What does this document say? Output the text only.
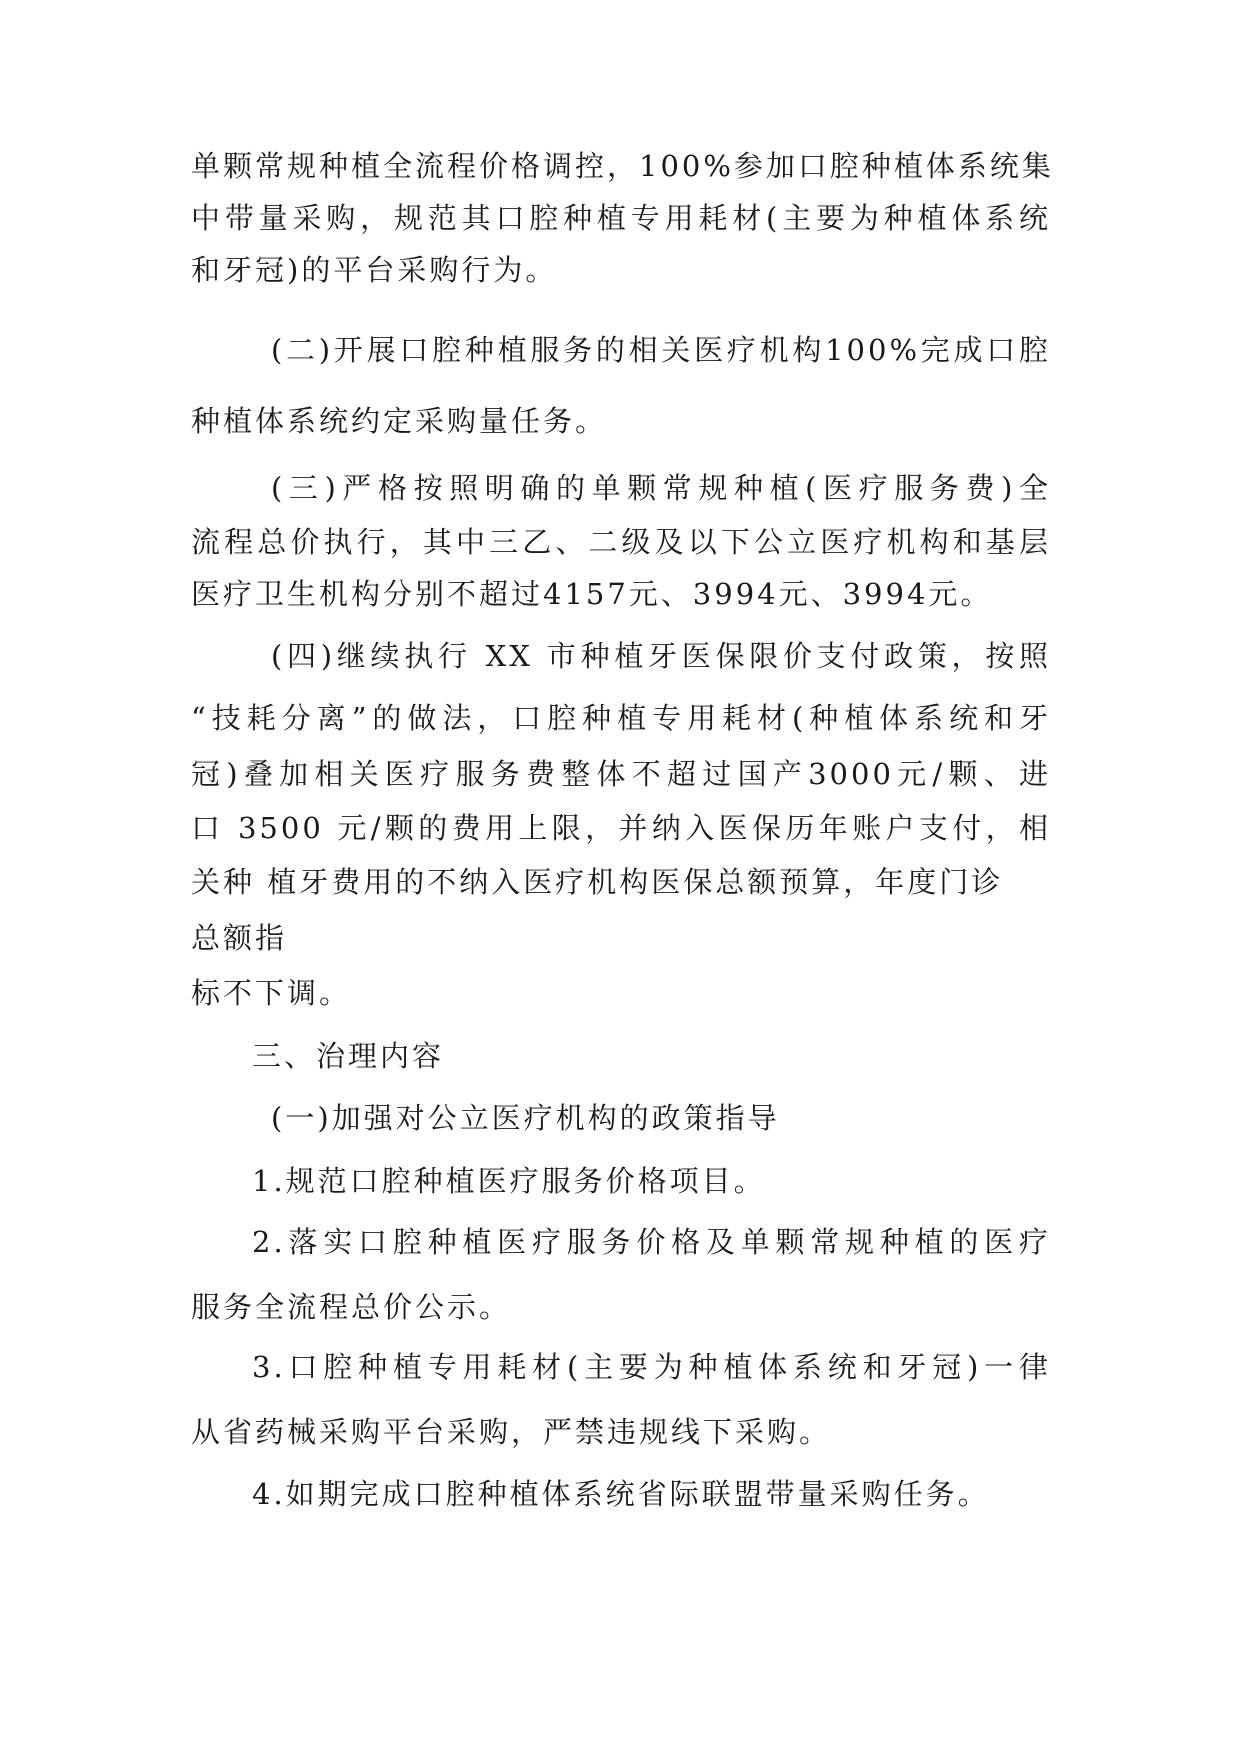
单颗常规种植全流程价格调控，100%参加口腔种植体系统集
中带量采购，规范其口腔种植专用耗材(主要为种植体系统
和牙冠)的平台采购行为。
(二)开展口腔种植服务的相关医疗机构100%完成口腔
种植体系统约定采购量任务。
(三)严格按照明确的单颗常规种植(医疗服务费)全
流程总价执行，其中三乙、二级及以下公立医疗机构和基层
医疗卫生机构分别不超过4157元、3994元、3994元。
(四)继续执行 XX 市种植牙医保限价支付政策，按照
“技耗分离”的做法，口腔种植专用耗材(种植体系统和牙
冠)叠加相关医疗服务费整体不超过国产3000元/颗、进
口 3500 元/颗的费用上限，并纳入医保历年账户支付，相
关种 植牙费用的不纳入医疗机构医保总额预算，年度门诊
总额指
标不下调。
三、治理内容
(一)加强对公立医疗机构的政策指导
1.规范口腔种植医疗服务价格项目。
2.落实口腔种植医疗服务价格及单颗常规种植的医疗
服务全流程总价公示。
3.口腔种植专用耗材(主要为种植体系统和牙冠)一律
从省药械采购平台采购，严禁违规线下采购。
4.如期完成口腔种植体系统省际联盟带量采购任务。
